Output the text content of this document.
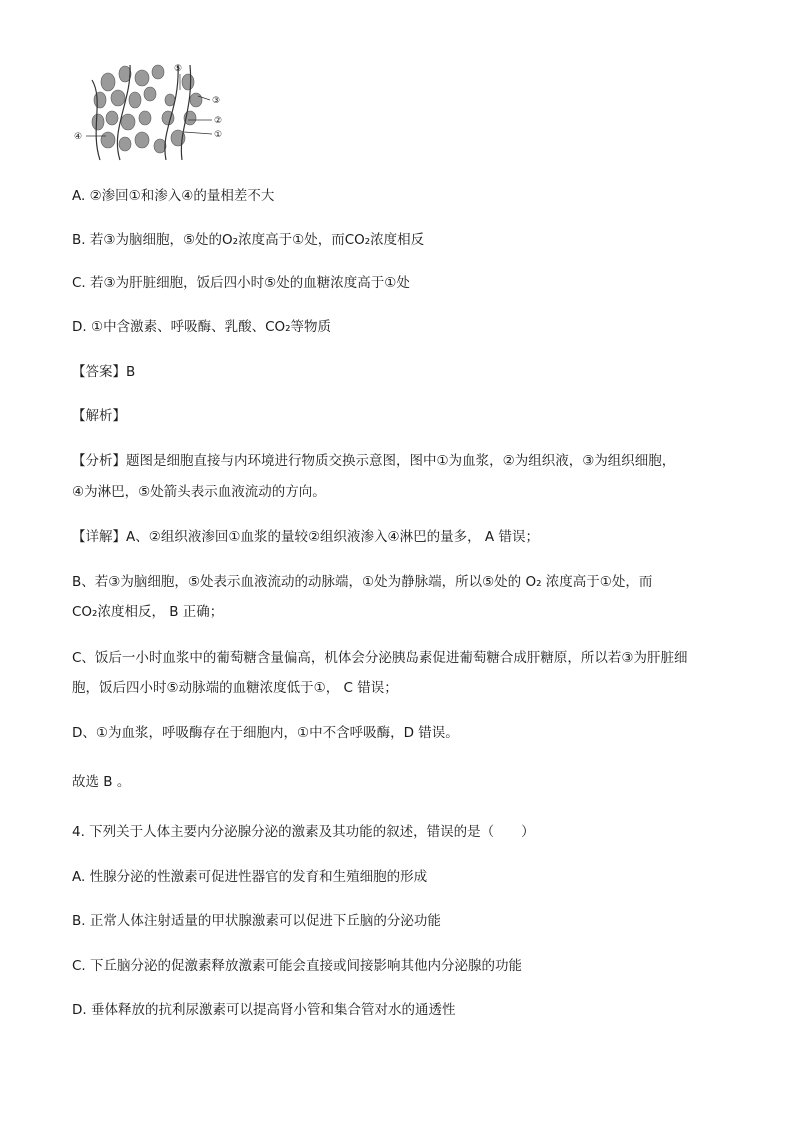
⑤
③
②
①
④
A. ②渗回①和渗入④的量相差不大
B. 若③为脑细胞，⑤处的O₂浓度高于①处，而CO₂浓度相反
C. 若③为肝脏细胞，饭后四小时⑤处的血糖浓度高于①处
D. ①中含激素、呼吸酶、乳酸、CO₂等物质
【答案】B
【解析】
【分析】题图是细胞直接与内环境进行物质交换示意图，图中①为血浆，②为组织液，③为组织细胞，
④为淋巴，⑤处箭头表示血液流动的方向。
【详解】A、②组织液渗回①血浆的量较②组织液渗入④淋巴的量多， A 错误；
B、若③为脑细胞，⑤处表示血液流动的动脉端，①处为静脉端，所以⑤处的 O₂ 浓度高于①处，而
CO₂浓度相反， B 正确；
C、饭后一小时血浆中的葡萄糖含量偏高，机体会分泌胰岛素促进葡萄糖合成肝糖原，所以若③为肝脏细
胞，饭后四小时⑤动脉端的血糖浓度低于①， C 错误；
D、①为血浆，呼吸酶存在于细胞内，①中不含呼吸酶，D 错误。
故选 B 。
4. 下列关于人体主要内分泌腺分泌的激素及其功能的叙述，错误的是（　　）
A. 性腺分泌的性激素可促进性器官的发育和生殖细胞的形成
B. 正常人体注射适量的甲状腺激素可以促进下丘脑的分泌功能
C. 下丘脑分泌的促激素释放激素可能会直接或间接影响其他内分泌腺的功能
D. 垂体释放的抗利尿激素可以提高肾小管和集合管对水的通透性
